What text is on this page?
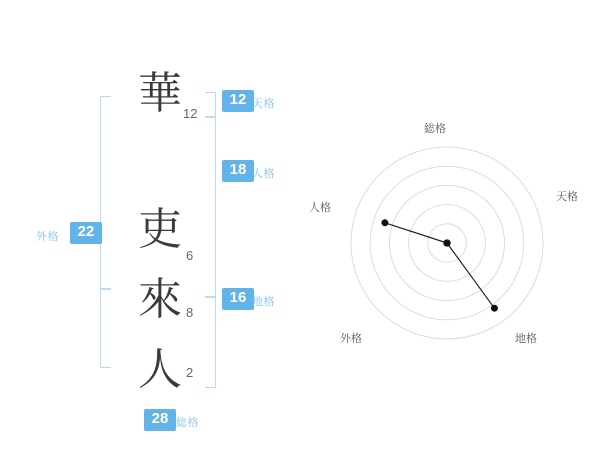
華
吏
來
人
12
6
8
2
12 天格
18 人格
16 地格
外格	22
28 総格
総格
天格
地格
外格
人格
